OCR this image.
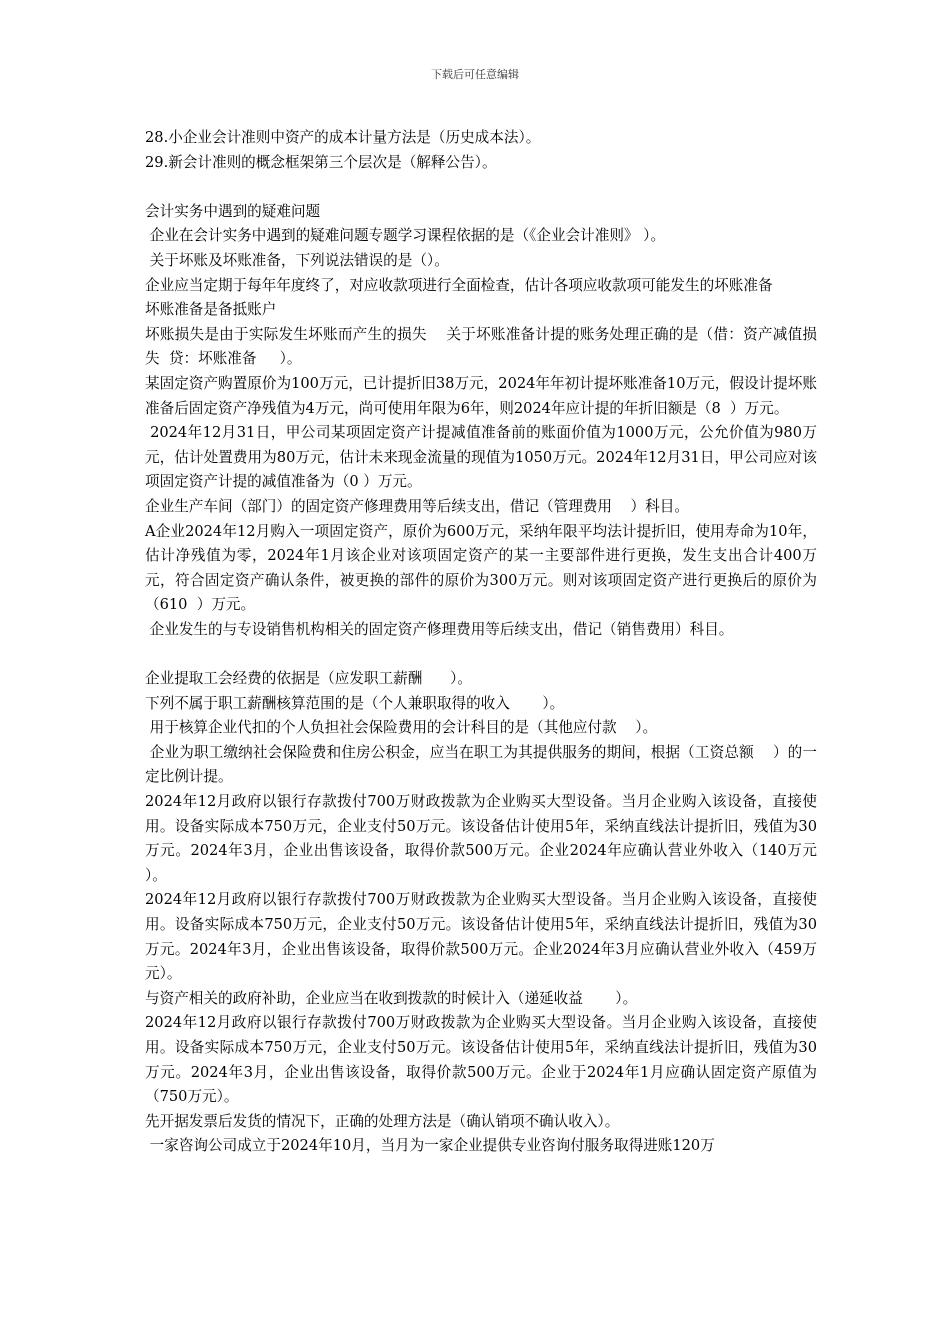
下载后可任意编辑

28.小企业会计准则中资产的成本计量方法是（历史成本法）。

29.新会计准则的概念框架第三个层次是（解释公告）。

会计实务中遇到的疑难问题

企业在会计实务中遇到的疑难问题专题学习课程依据的是（《企业会计准则》 ）。

关于坏账及坏账准备，下列说法错误的是（）。

企业应当定期于每年年度终了，对应收款项进行全面检查，估计各项应收款项可能发生的坏账准备

坏账准备是备抵账户

坏账损失是由于实际发生坏账而产生的损失    关于坏账准备计提的账务处理正确的是（借：资产减值损失  贷：坏账准备     ）。

某固定资产购置原价为100万元，已计提折旧38万元，2024年年初计提坏账准备10万元，假设计提坏账准备后固定资产净残值为4万元，尚可使用年限为6年，则2024年应计提的年折旧额是（8  ）万元。

2024年12月31日，甲公司某项固定资产计提减值准备前的账面价值为1000万元，公允价值为980万元，估计处置费用为80万元，估计未来现金流量的现值为1050万元。2024年12月31日，甲公司应对该项固定资产计提的减值准备为（0 ）万元。

企业生产车间（部门）的固定资产修理费用等后续支出，借记（管理费用    ）科目。

A企业2024年12月购入一项固定资产，原价为600万元，采纳年限平均法计提折旧，使用寿命为10年，估计净残值为零，2024年1月该企业对该项固定资产的某一主要部件进行更换，发生支出合计400万元，符合固定资产确认条件，被更换的部件的原价为300万元。则对该项固定资产进行更换后的原价为（610  ）万元。

企业发生的与专设销售机构相关的固定资产修理费用等后续支出，借记（销售费用）科目。

企业提取工会经费的依据是（应发职工薪酬      ）。

下列不属于职工薪酬核算范围的是（个人兼职取得的收入       ）。

用于核算企业代扣的个人负担社会保险费用的会计科目的是（其他应付款    ）。

企业为职工缴纳社会保险费和住房公积金，应当在职工为其提供服务的期间，根据（工资总额    ）的一定比例计提。

2024年12月政府以银行存款拨付700万财政拨款为企业购买大型设备。当月企业购入该设备，直接使用。设备实际成本750万元，企业支付50万元。该设备估计使用5年，采纳直线法计提折旧，残值为30万元。2024年3月，企业出售该设备，取得价款500万元。企业2024年应确认营业外收入（140万元      ）。

2024年12月政府以银行存款拨付700万财政拨款为企业购买大型设备。当月企业购入该设备，直接使用。设备实际成本750万元，企业支付50万元。该设备估计使用5年，采纳直线法计提折旧，残值为30万元。2024年3月，企业出售该设备，取得价款500万元。企业2024年3月应确认营业外收入（459万元）。

与资产相关的政府补助，企业应当在收到拨款的时候计入（递延收益       ）。

2024年12月政府以银行存款拨付700万财政拨款为企业购买大型设备。当月企业购入该设备，直接使用。设备实际成本750万元，企业支付50万元。该设备估计使用5年，采纳直线法计提折旧，残值为30万元。2024年3月，企业出售该设备，取得价款500万元。企业于2024年1月应确认固定资产原值为（750万元）。

先开据发票后发货的情况下，正确的处理方法是（确认销项不确认收入）。

一家咨询公司成立于2024年10月，当月为一家企业提供专业咨询付服务取得进账120万
